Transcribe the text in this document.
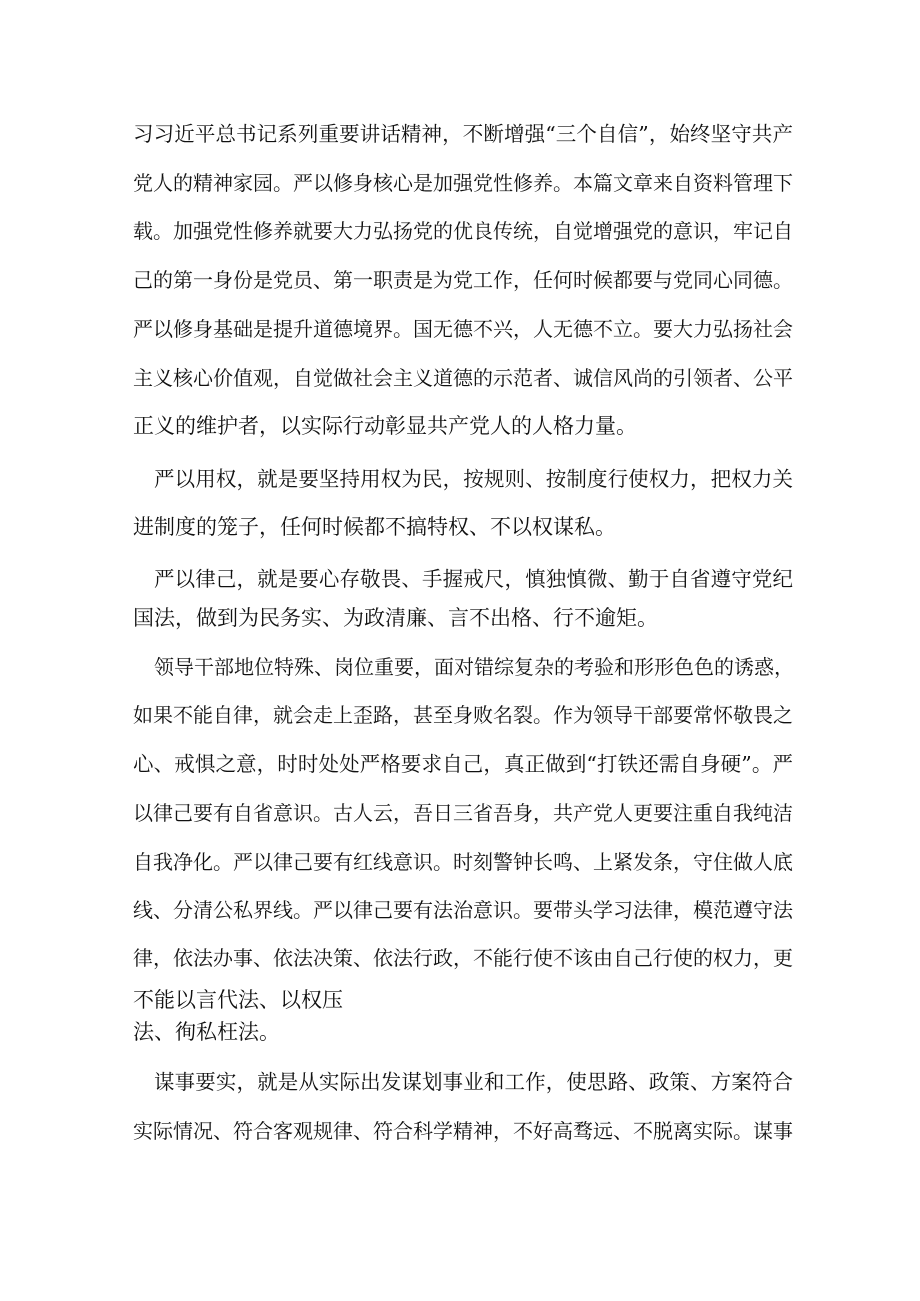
习习近平总书记系列重要讲话精神，不断增强“三个自信”，始终坚守共产
党人的精神家园。严以修身核心是加强党性修养。本篇文章来自资料管理下
载。加强党性修养就要大力弘扬党的优良传统，自觉增强党的意识，牢记自
己的第一身份是党员、第一职责是为党工作，任何时候都要与党同心同德。
严以修身基础是提升道德境界。国无德不兴，人无德不立。要大力弘扬社会
主义核心价值观，自觉做社会主义道德的示范者、诚信风尚的引领者、公平
正义的维护者，以实际行动彰显共产党人的人格力量。
严以用权，就是要坚持用权为民，按规则、按制度行使权力，把权力关
进制度的笼子，任何时候都不搞特权、不以权谋私。
严以律己，就是要心存敬畏、手握戒尺，慎独慎微、勤于自省遵守党纪
国法，做到为民务实、为政清廉、言不出格、行不逾矩。
领导干部地位特殊、岗位重要，面对错综复杂的考验和形形色色的诱惑，
如果不能自律，就会走上歪路，甚至身败名裂。作为领导干部要常怀敬畏之
心、戒惧之意，时时处处严格要求自己，真正做到“打铁还需自身硬”。严
以律己要有自省意识。古人云，吾日三省吾身，共产党人更要注重自我纯洁
自我净化。严以律己要有红线意识。时刻警钟长鸣、上紧发条，守住做人底
线、分清公私界线。严以律己要有法治意识。要带头学习法律，模范遵守法
律，依法办事、依法决策、依法行政，不能行使不该由自己行使的权力，更
不能以言代法、以权压
法、徇私枉法。
谋事要实，就是从实际出发谋划事业和工作，使思路、政策、方案符合
实际情况、符合客观规律、符合科学精神，不好高骛远、不脱离实际。谋事
